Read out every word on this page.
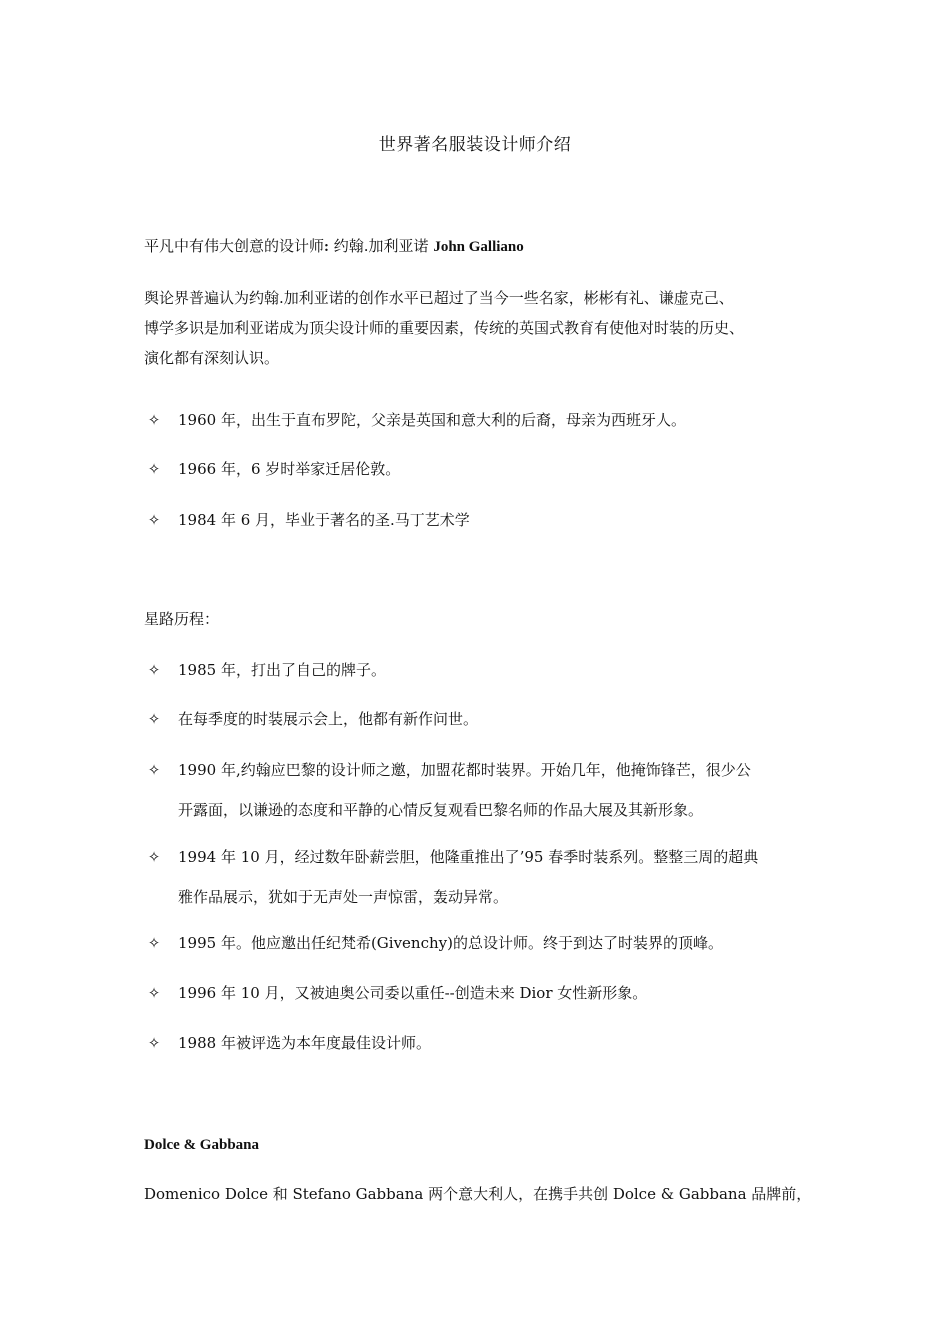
世界著名服装设计师介绍
平凡中有伟大创意的设计师: 约翰.加利亚诺 John Galliano
舆论界普遍认为约翰.加利亚诺的创作水平已超过了当今一些名家，彬彬有礼、谦虚克己、
博学多识是加利亚诺成为顶尖设计师的重要因素，传统的英国式教育有使他对时装的历史、
演化都有深刻认识。
✧ 1960 年，出生于直布罗陀，父亲是英国和意大利的后裔，母亲为西班牙人。
✧ 1966 年，6 岁时举家迁居伦敦。
✧ 1984 年 6 月，毕业于著名的圣.马丁艺术学
星路历程：
✧ 1985 年，打出了自己的牌子。
✧ 在每季度的时装展示会上，他都有新作问世。
✧ 1990 年,约翰应巴黎的设计师之邀，加盟花都时装界。开始几年，他掩饰锋芒，很少公
开露面，以谦逊的态度和平静的心情反复观看巴黎名师的作品大展及其新形象。
✧ 1994 年 10 月，经过数年卧薪尝胆，他隆重推出了’95 春季时装系列。整整三周的超典
雅作品展示，犹如于无声处一声惊雷，轰动异常。
✧ 1995 年。他应邀出任纪梵希(Givenchy)的总设计师。终于到达了时装界的顶峰。
✧ 1996 年 10 月，又被迪奥公司委以重任--创造未来 Dior 女性新形象。
✧ 1988 年被评选为本年度最佳设计师。
Dolce & Gabbana
Domenico Dolce 和 Stefano Gabbana 两个意大利人，在携手共创 Dolce & Gabbana 品牌前，
